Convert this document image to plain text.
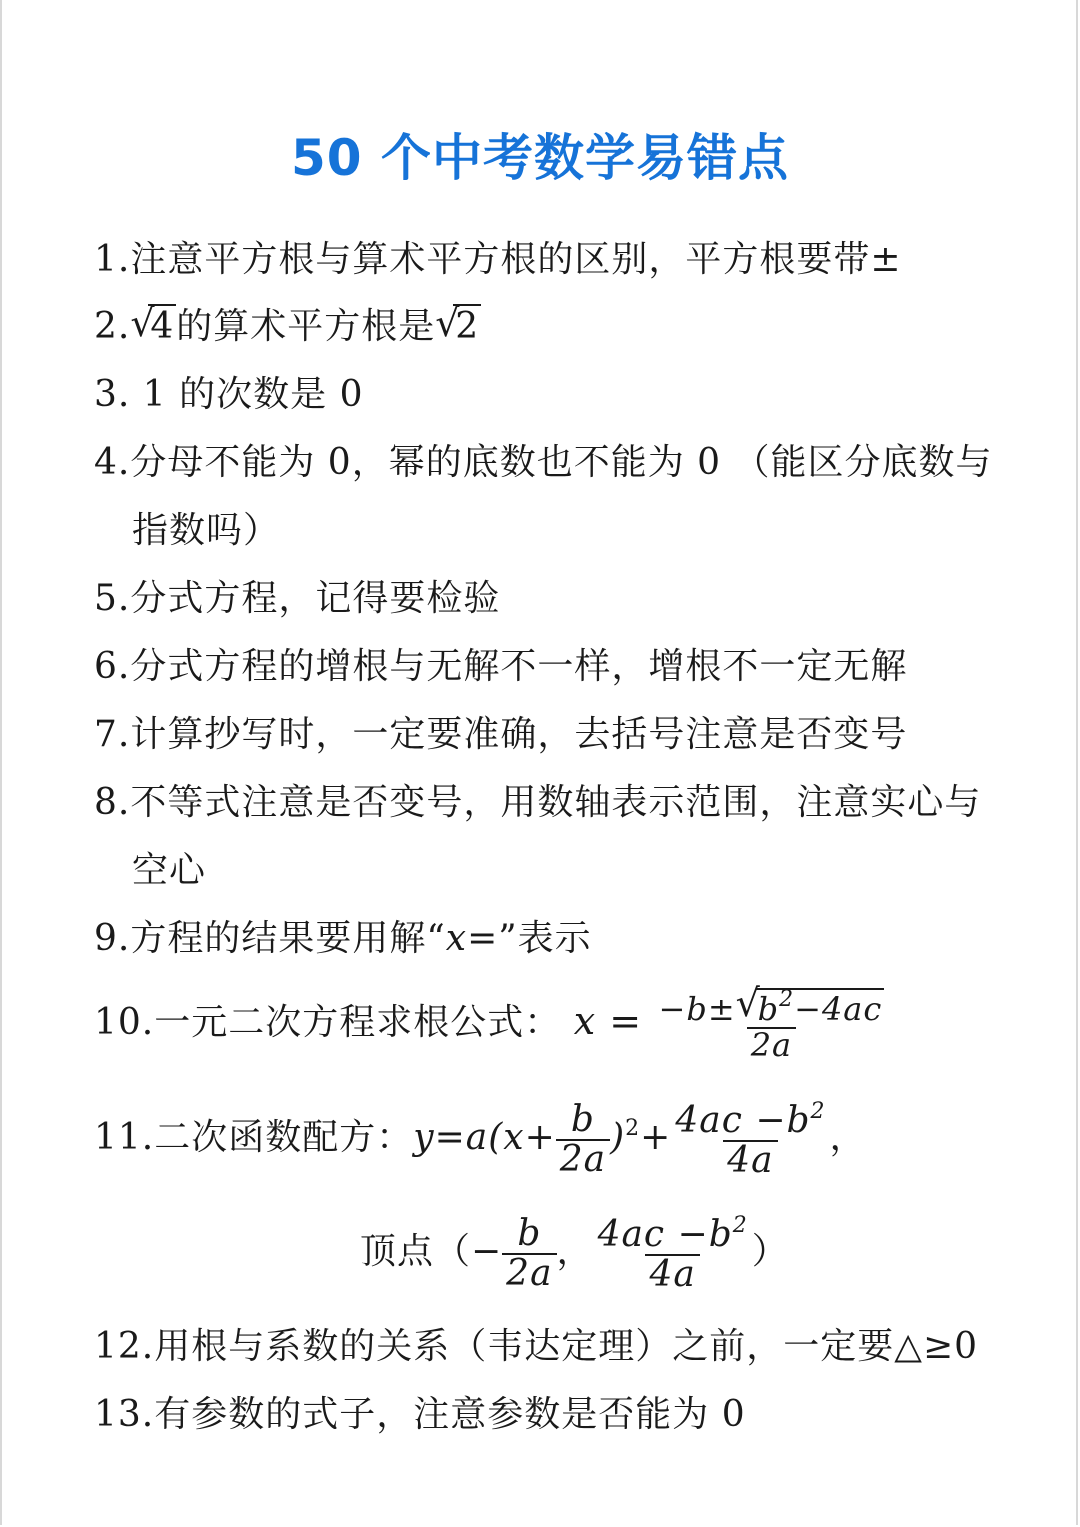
50 个中考数学易错点
1.注意平方根与算术平方根的区别，平方根要带±
2. √
4的算术平方根是 √
2
3. 1 的次数是 0
4.分母不能为 0，幂的底数也不能为 0 （能区分底数与
指数吗）
5.分式方程，记得要检验
6.分式方程的增根与无解不一样，增根不一定无解
7.计算抄写时，一定要准确，去括号注意是否变号
8.不等式注意是否变号，用数轴表示范围，注意实心与
空心
9.方程的结果要用解“x=”表示
10.一元二次方程求根公式： x = −b± √
$b^2-4ac$
2a
11.二次函数配方：$y=a(x+ \frac{b}{2a} )^2+ \frac{4ac -b^2}{4a}$ ，
顶点（− $\frac{b}{2a}$ ， $\frac{4ac -b^2}{4a}$ ）
12.用根与系数的关系（韦达定理）之前，一定要△≥0
13.有参数的式子，注意参数是否能为 0
